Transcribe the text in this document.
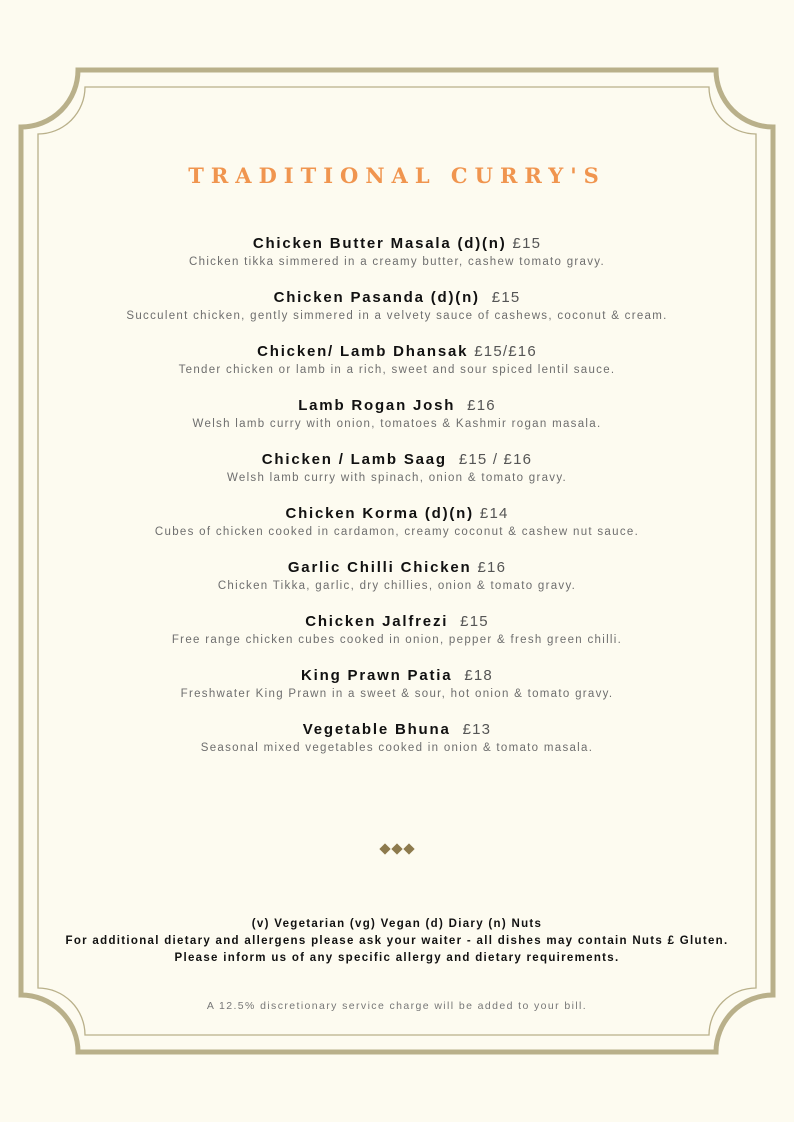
TRADITIONAL CURRY'S
Chicken Butter Masala (d)(n) £15
Chicken tikka simmered in a creamy butter, cashew tomato gravy.
Chicken Pasanda (d)(n) £15
Succulent chicken, gently simmered in a velvety sauce of cashews, coconut & cream.
Chicken/ Lamb Dhansak £15/£16
Tender chicken or lamb in a rich, sweet and sour spiced lentil sauce.
Lamb Rogan Josh £16
Welsh lamb curry with onion, tomatoes & Kashmir rogan masala.
Chicken / Lamb Saag £15 / £16
Welsh lamb curry with spinach, onion & tomato gravy.
Chicken Korma (d)(n) £14
Cubes of chicken cooked in cardamon, creamy coconut & cashew nut sauce.
Garlic Chilli Chicken £16
Chicken Tikka, garlic, dry chillies, onion & tomato gravy.
Chicken Jalfrezi £15
Free range chicken cubes cooked in onion, pepper & fresh green chilli.
King Prawn Patia £18
Freshwater King Prawn in a sweet & sour, hot onion & tomato gravy.
Vegetable Bhuna £13
Seasonal mixed vegetables cooked in onion & tomato masala.
(v) Vegetarian (vg) Vegan (d) Diary (n) Nuts
For additional dietary and allergens please ask your waiter - all dishes may contain Nuts £ Gluten.
Please inform us of any specific allergy and dietary requirements.
A 12.5% discretionary service charge will be added to your bill.
